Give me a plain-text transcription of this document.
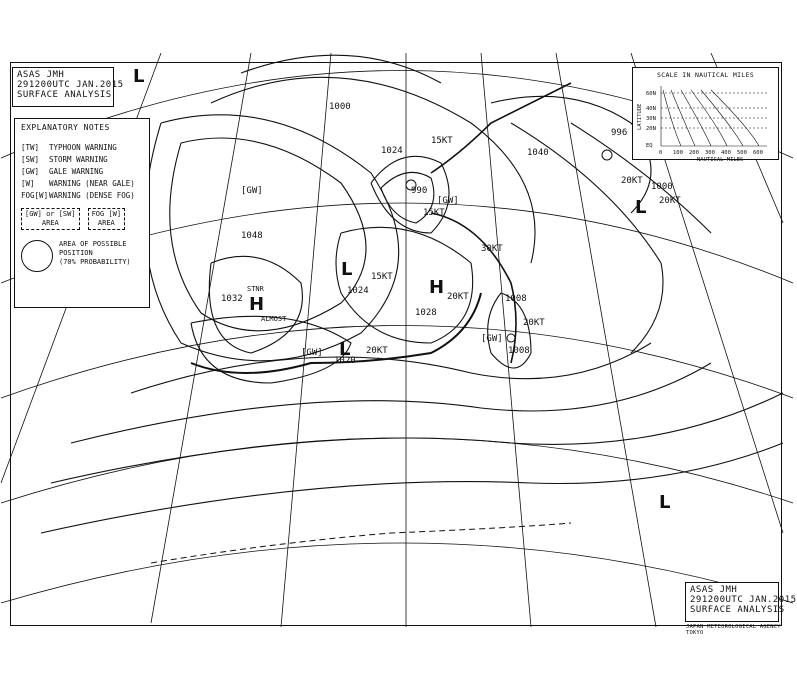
1048
1032
1024
1024
1028
1020
990
1008
1008
996
1000
1040
1000
15KT
15KT
20KT
20KT
20KT
20KT
30KT
20KT
15KT
[GW]
[GW]
[GW]
[GW]
ALMOST
STNR
L
L
H
H
L
L
L
ASAS JMH
291200UTC JAN.2015
SURFACE ANALYSIS
EXPLANATORY NOTES
[TW]	TYPHOON WARNING
[SW]	STORM WARNING
[GW]	GALE WARNING
[W]	WARNING (NEAR GALE)
FOG[W] WARNING (DENSE FOG)
[GW] or [SW]
AREA
FOG [W]
AREA
AREA OF POSSIBLE
POSITION
(70% PROBABILITY)
SCALE IN NAUTICAL MILES
LATITUDE
60N
40N
30N
20N
EQ
0 100 200 300 400 500 600
NAUTICAL MILES
ASAS JMH
291200UTC JAN.2015
SURFACE ANALYSIS
JAPAN METEOROLOGICAL AGENCY TOKYO
